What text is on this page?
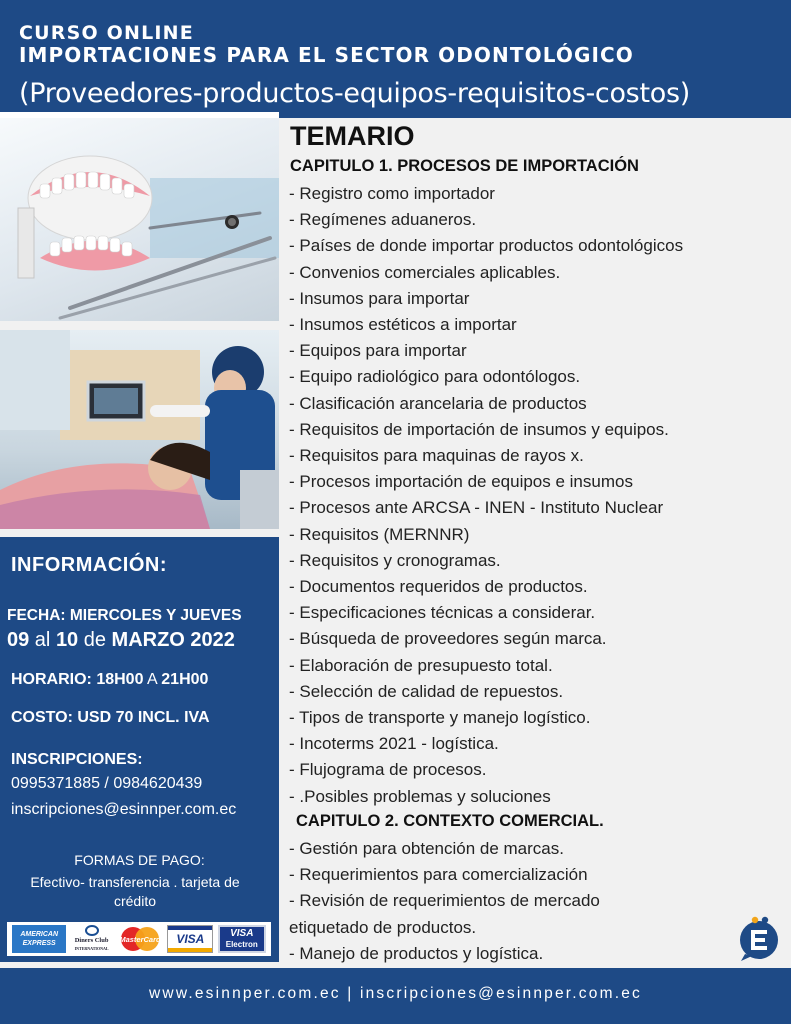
CURSO ONLINE
IMPORTACIONES PARA EL SECTOR ODONTOLÓGICO
(Proveedores-productos-equipos-requisitos-costos)
INFORMACIÓN:
FECHA: MIERCOLES Y JUEVES
09 al 10 de MARZO 2022
HORARIO: 18H00 A 21H00
COSTO: USD 70 INCL. IVA
INSCRIPCIONES:
0995371885 / 0984620439
inscripciones@esinnper.com.ec
FORMAS DE PAGO:
Efectivo- transferencia . tarjeta de crédito
AMERICAN EXPRESS	Diners Club
INTERNATIONAL
MasterCard VISA	VISA
Electron
TEMARIO
CAPITULO 1. PROCESOS DE IMPORTACIÓN
- Registro como importador
- Regímenes aduaneros.
- Países de donde importar productos odontológicos
- Convenios comerciales aplicables.
- Insumos para importar
- Insumos estéticos a importar
- Equipos para importar
- Equipo radiológico para odontólogos.
- Clasificación arancelaria de productos
- Requisitos de importación de insumos y equipos.
- Requisitos para maquinas de rayos x.
- Procesos importación de equipos e insumos
- Procesos ante ARCSA - INEN - Instituto Nuclear
- Requisitos (MERNNR)
- Requisitos y cronogramas.
- Documentos requeridos de productos.
- Especificaciones técnicas a considerar.
- Búsqueda de proveedores según marca.
- Elaboración de presupuesto total.
- Selección de calidad de repuestos.
- Tipos de transporte y manejo logístico.
- Incoterms 2021 - logística.
- Flujograma de procesos.
- .Posibles problemas y soluciones
CAPITULO 2. CONTEXTO COMERCIAL.
- Gestión para obtención de marcas.
- Requerimientos para comercialización
- Revisión de requerimientos de mercado
etiquetado de productos.
- Manejo de productos y logística.
www.esinnper.com.ec | inscripciones@esinnper.com.ec
